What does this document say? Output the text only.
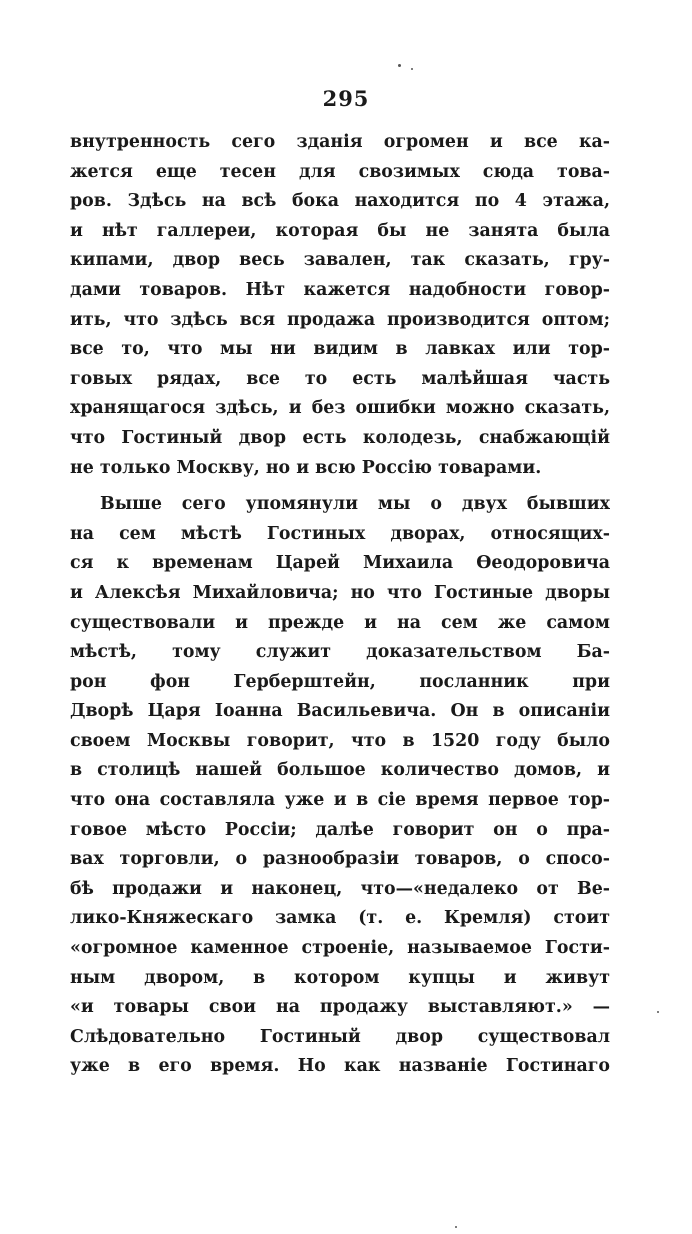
295
внутренность сего зданія огромен и все ка-
жется еще тесен для свозимых сюда това-
ров. Здѣсь на всѣ бока находится по 4 этажа,
и нѣт галлереи, которая бы не занята была
кипами, двор весь завален, так сказать, гру-
дами товаров. Нѣт кажется надобности говор-
ить, что здѣсь вся продажа производится оптом;
все то, что мы ни видим в лавках или тор-
говых рядах, все то есть малѣйшая часть
хранящагося здѣсь, и без ошибки можно сказать,
что Гостиный двор есть колодезь, снабжающій
не только Москву, но и всю Россію товарами.
Выше сего упомянули мы о двух бывших
на сем мѣстѣ Гостиных дворах, относящих-
ся к временам Царей Михаила Ѳеодоровича
и Алексѣя Михайловича; но что Гостиные дворы
существовали и прежде и на сем же самом
мѣстѣ, тому служит доказательством Ба-
рон фон Герберштейн, посланник при
Дворѣ Царя Іоанна Васильевича. Он в описаніи
своем Москвы говорит, что в 1520 году было
в столицѣ нашей большое количество домов, и
что она составляла уже и в сіе время первое тор-
говое мѣсто Россіи; далѣе говорит он о пра-
вах торговли, о разнообразіи товаров, о спосо-
бѣ продажи и наконец, что—«недалеко от Ве-
лико-Княжескаго замка (т. е. Кремля) стоит
«огромное каменное строеніе, называемое Гости-
ным двором, в котором купцы и живут
«и товары свои на продажу выставляют.» —
Слѣдовательно Гостиный двор существовал
уже в его время. Но как названіе Гостинаго
